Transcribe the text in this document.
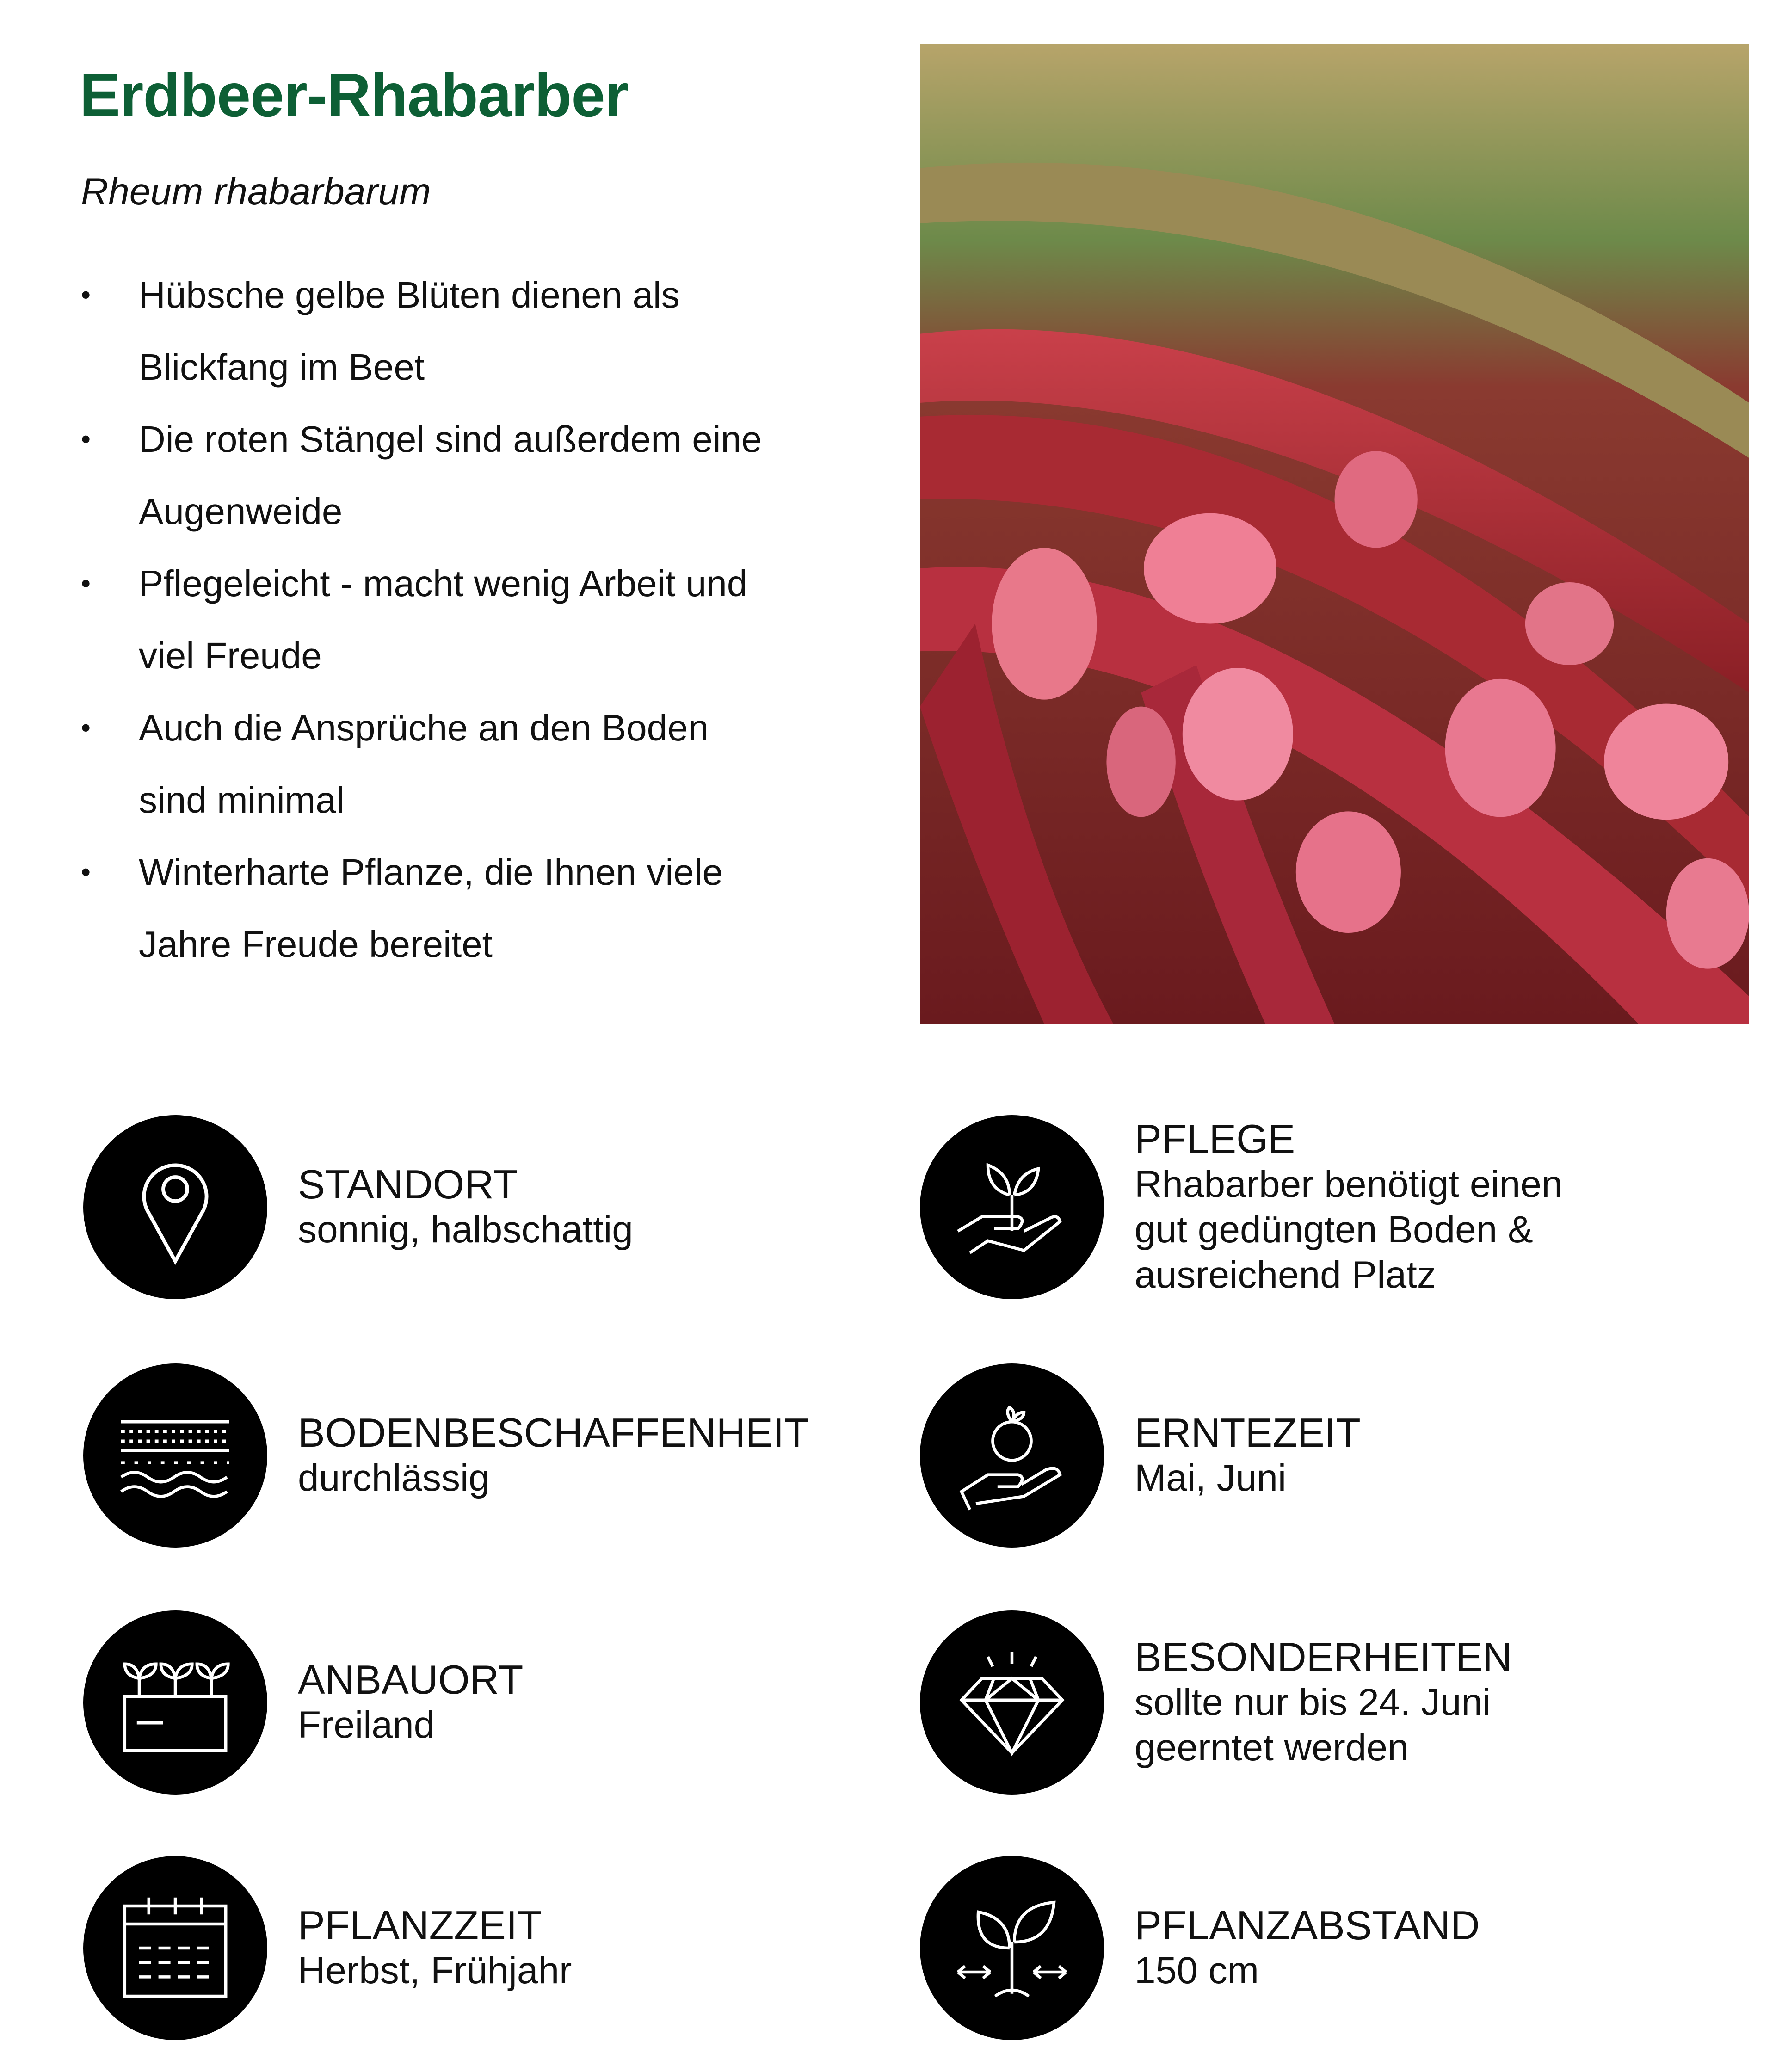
Erdbeer-Rhabarber
Rheum rhabarbarum
• Hübsche gelbe Blüten dienen als
Blickfang im Beet
• Die roten Stängel sind außerdem eine
Augenweide
• Pflegeleicht - macht wenig Arbeit und
viel Freude
• Auch die Ansprüche an den Boden
sind minimal
• Winterharte Pflanze, die Ihnen viele
Jahre Freude bereitet
STANDORT
sonnig, halbschattig
BODENBESCHAFFENHEIT
durchlässig
ANBAUORT
Freiland
PFLANZZEIT
Herbst, Frühjahr
PFLEGE
Rhabarber benötigt einen
gut gedüngten Boden &
ausreichend Platz
ERNTEZEIT
Mai, Juni
BESONDERHEITEN
sollte nur bis 24. Juni
geerntet werden
PFLANZABSTAND
150 cm
